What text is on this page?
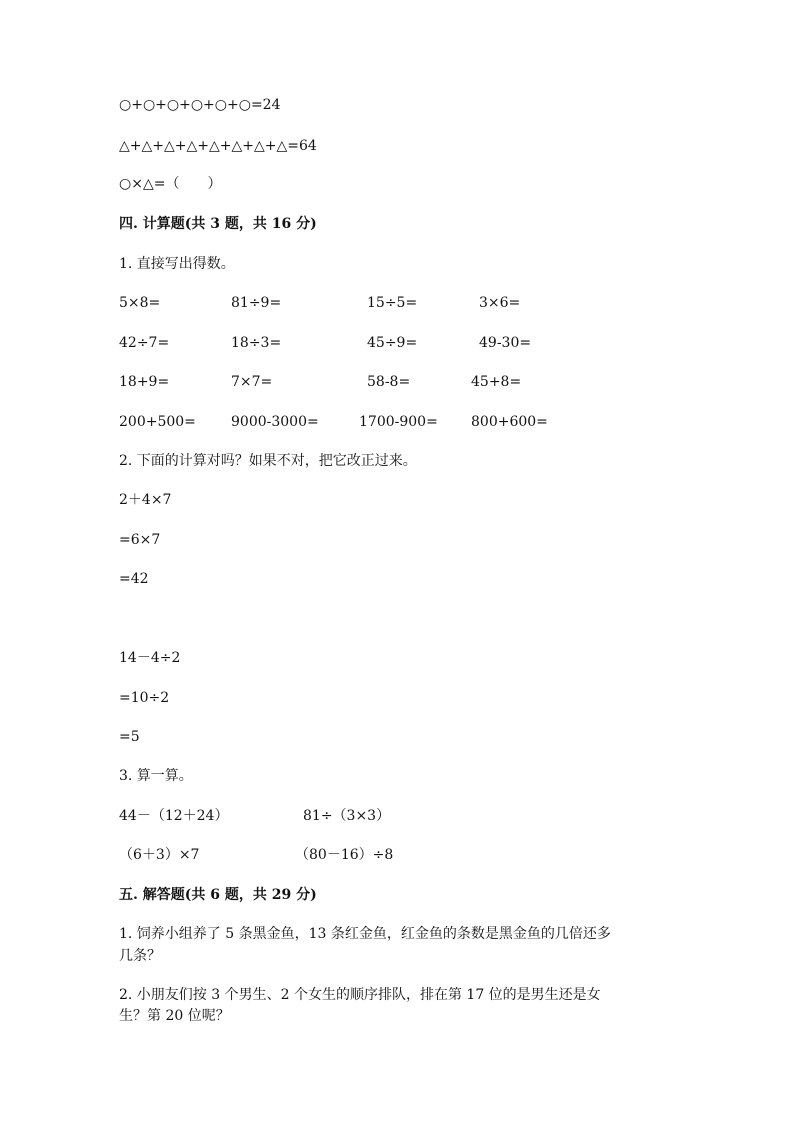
○+○+○+○+○+○=24
△+△+△+△+△+△+△+△=64
○×△=（　　）
四. 计算题(共 3 题，共 16 分)
1. 直接写出得数。
5×8=	81÷9=	15÷5=	3×6=
42÷7=	18÷3=	45÷9=	49-30=
18+9=	7×7=	58-8=	45+8=
200+500=	9000-3000=	1700-900= 800+600=
2. 下面的计算对吗？如果不对，把它改正过来。
2＋4×7
=6×7
=42
14－4÷2
=10÷2
=5
3. 算一算。
44－（12＋24）	81÷（3×3）
（6＋3）×7	（80－16）÷8
五. 解答题(共 6 题，共 29 分)
1. 饲养小组养了 5 条黑金鱼，13 条红金鱼，红金鱼的条数是黑金鱼的几倍还多
几条？
2. 小朋友们按 3 个男生、2 个女生的顺序排队，排在第 17 位的是男生还是女
生？第 20 位呢？
